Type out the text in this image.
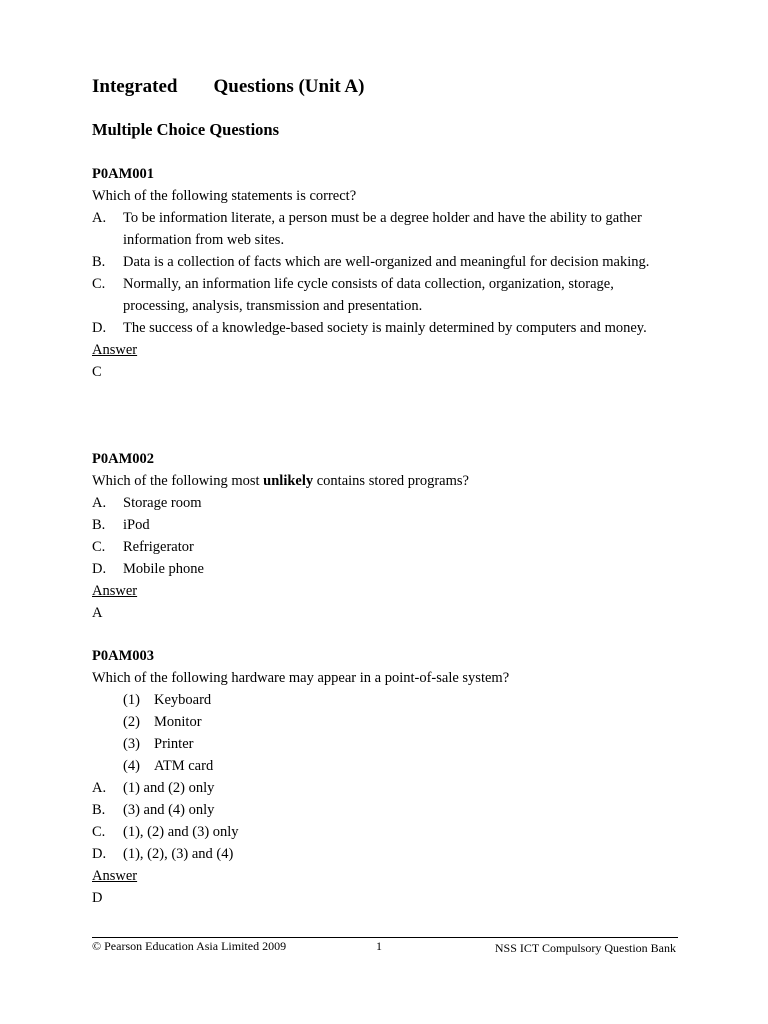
Integrated Questions (Unit A)
Multiple Choice Questions
P0AM001
Which of the following statements is correct?
A.	To be information literate, a person must be a degree holder and have the ability to gather information from web sites.
B.	Data is a collection of facts which are well-organized and meaningful for decision making.
C.	Normally, an information life cycle consists of data collection, organization, storage, processing, analysis, transmission and presentation.
D.	The success of a knowledge-based society is mainly determined by computers and money.
Answer
C
P0AM002
Which of the following most unlikely contains stored programs?
A.	Storage room
B.	iPod
C.	Refrigerator
D.	Mobile phone
Answer
A
P0AM003
Which of the following hardware may appear in a point-of-sale system?
(1) Keyboard
(2) Monitor
(3) Printer
(4) ATM card
A.	(1) and (2) only
B.	(3) and (4) only
C.	(1), (2) and (3) only
D.	(1), (2), (3) and (4)
Answer
D
© Pearson Education Asia Limited 2009	1	NSS ICT Compulsory Question Bank
